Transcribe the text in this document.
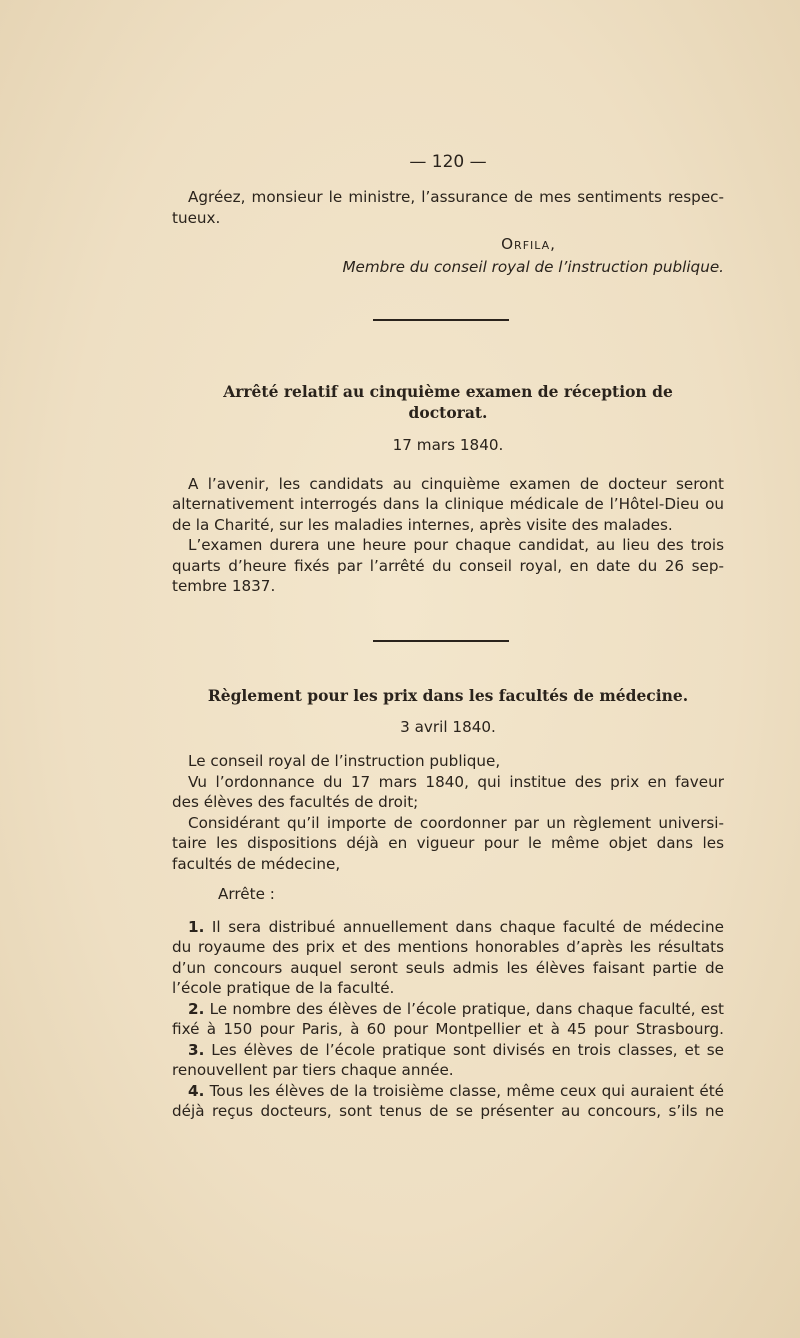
— 120 —
Agréez, monsieur le ministre, l’assurance de mes sentiments respec-
tueux.
Orfila,
Membre du conseil royal de l’instruction publique.
Arrêté relatif au cinquième examen de réception de
doctorat.
17 mars 1840.
A l’avenir, les candidats au cinquième examen de docteur seront
alternativement interrogés dans la clinique médicale de l’Hôtel-Dieu ou
de la Charité, sur les maladies internes, après visite des malades.
L’examen durera une heure pour chaque candidat, au lieu des trois
quarts d’heure fixés par l’arrêté du conseil royal, en date du 26 sep-
tembre 1837.
Règlement pour les prix dans les facultés de médecine.
3 avril 1840.
Le conseil royal de l’instruction publique,
Vu l’ordonnance du 17 mars 1840, qui institue des prix en faveur
des élèves des facultés de droit;
Considérant qu’il importe de coordonner par un règlement universi-
taire les dispositions déjà en vigueur pour le même objet dans les
facultés de médecine,
Arrête :
1. Il sera distribué annuellement dans chaque faculté de médecine
du royaume des prix et des mentions honorables d’après les résultats
d’un concours auquel seront seuls admis les élèves faisant partie de
l’école pratique de la faculté.
2. Le nombre des élèves de l’école pratique, dans chaque faculté, est
fixé à 150 pour Paris, à 60 pour Montpellier et à 45 pour Strasbourg.
3. Les élèves de l’école pratique sont divisés en trois classes, et se
renouvellent par tiers chaque année.
4. Tous les élèves de la troisième classe, même ceux qui auraient été
déjà reçus docteurs, sont tenus de se présenter au concours, s’ils ne
